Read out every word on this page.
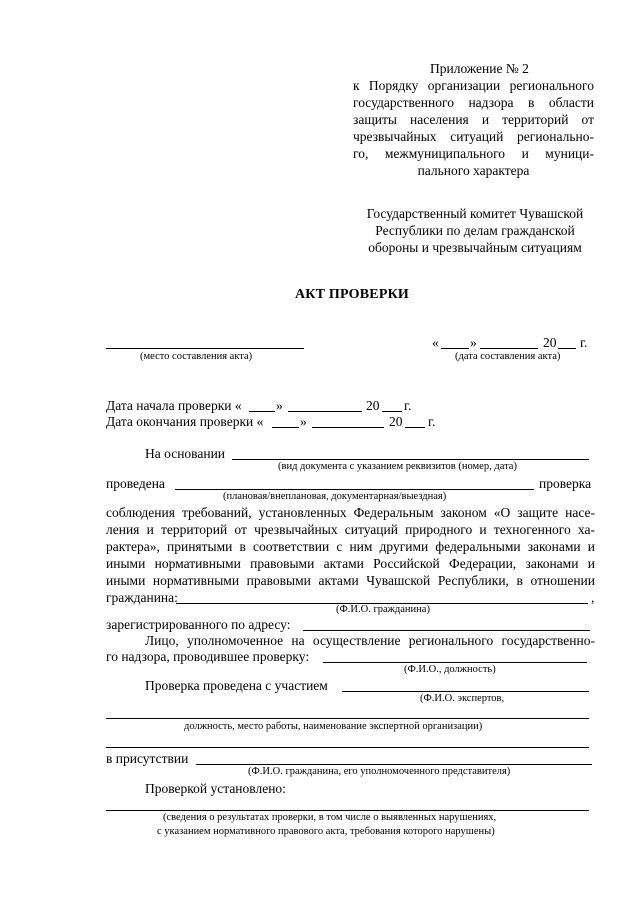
Приложение № 2
к Порядку организации регионального
государственного надзора в области
защиты населения и территорий от
чрезвычайных ситуаций регионально-
го, межмуниципального и муници-
пального характера
Государственный комитет Чувашской
Республики по делам гражданской
обороны и чрезвычайным ситуациям
АКТ ПРОВЕРКИ
(место составления акта)
« »	20 г.
(дата составления акта)
Дата начала проверки «	»	20 г.
Дата окончания проверки «	»	20 г.
На основании
(вид документа с указанием реквизитов (номер, дата)
проведена	проверка
(плановая/внеплановая, документарная/выездная)
соблюдения требований, установленных Федеральным законом «О защите насе-
ления и территорий от чрезвычайных ситуаций природного и техногенного ха-
рактера», принятыми в соответствии с ним другими федеральными законами и
иными нормативными правовыми актами Российской Федерации, законами и
иными нормативными правовыми актами Чувашской Республики, в отношении
гражданина:	,
(Ф.И.О. гражданина)
зарегистрированного по адресу:
Лицо, уполномоченное на осуществление регионального государственно-
го надзора, проводившее проверку:
(Ф.И.О., должность)
Проверка проведена с участием
(Ф.И.О. экспертов,
должность, место работы, наименование экспертной организации)
в присутствии
(Ф.И.О. гражданина, его уполномоченного представителя)
Проверкой установлено:
(сведения о результатах проверки, в том числе о выявленных нарушениях,
с указанием нормативного правового акта, требования которого нарушены)
